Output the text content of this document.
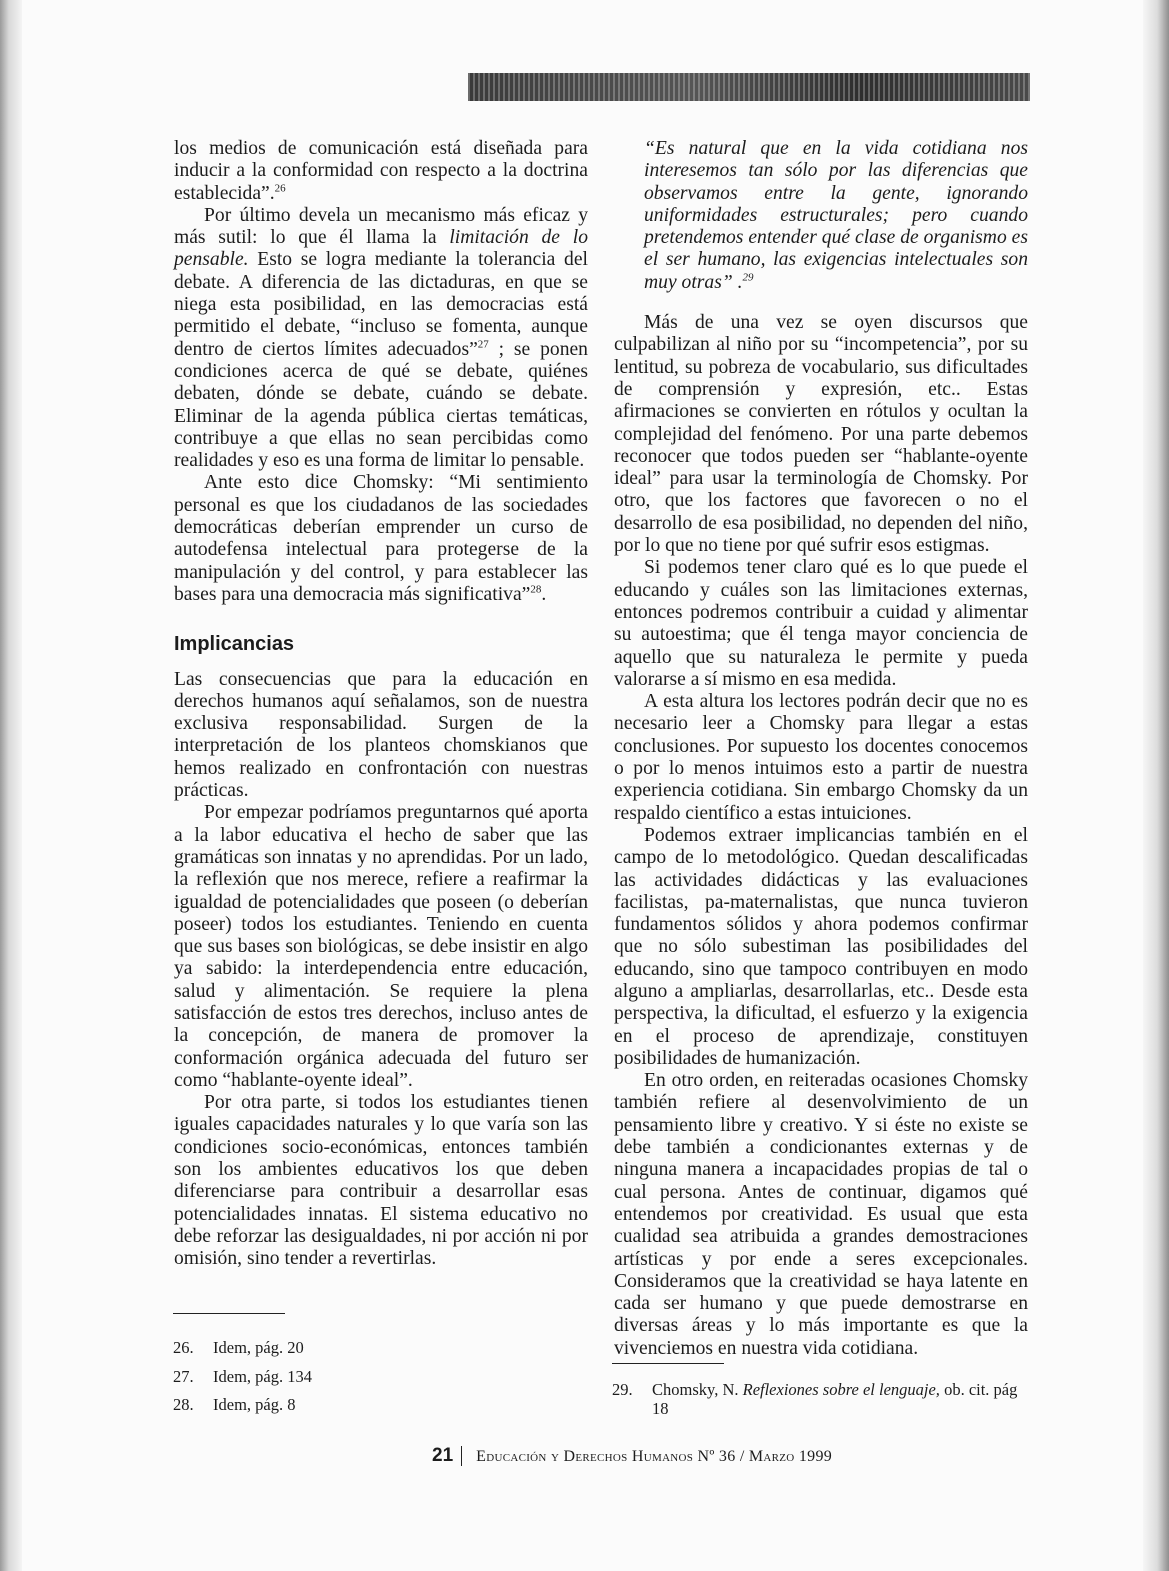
los medios de comunicación está diseñada para inducir a la conformidad con respecto a la doctrina establecida”.$^{26}$

Por último devela un mecanismo más eficaz y más sutil: lo que él llama la limitación de lo pensable. Esto se logra mediante la tolerancia del debate. A diferencia de las dictaduras, en que se niega esta posibilidad, en las democracias está permitido el debate, “incluso se fomenta, aunque dentro de ciertos límites adecuados”$^{27}$ ; se ponen condiciones acerca de qué se debate, quiénes debaten, dónde se debate, cuándo se debate. Eliminar de la agenda pública ciertas temáticas, contribuye a que ellas no sean percibidas como realidades y eso es una forma de limitar lo pensable.

Ante esto dice Chomsky: “Mi sentimiento personal es que los ciudadanos de las sociedades democráticas deberían emprender un curso de autodefensa intelectual para protegerse de la manipulación y del control, y para establecer las bases para una democracia más significativa”$^{28}$.

Implicancias

Las consecuencias que para la educación en derechos humanos aquí señalamos, son de nuestra exclusiva responsabilidad. Surgen de la interpretación de los planteos chomskianos que hemos realizado en confrontación con nuestras prácticas.

Por empezar podríamos preguntarnos qué aporta a la labor educativa el hecho de saber que las gramáticas son innatas y no aprendidas. Por un lado, la reflexión que nos merece, refiere a reafirmar la igualdad de potencialidades que poseen (o deberían poseer) todos los estudiantes. Teniendo en cuenta que sus bases son biológicas, se debe insistir en algo ya sabido: la interdependencia entre educación, salud y alimentación. Se requiere la plena satisfacción de estos tres derechos, incluso antes de la concepción, de manera de promover la conformación orgánica adecuada del futuro ser como “hablante-oyente ideal”.

Por otra parte, si todos los estudiantes tienen iguales capacidades naturales y lo que varía son las condiciones socio-económicas, entonces también son los ambientes educativos los que deben diferenciarse para contribuir a desarrollar esas potencialidades innatas. El sistema educativo no debe reforzar las desigualdades, ni por acción ni por omisión, sino tender a revertirlas.

“Es natural que en la vida cotidiana nos interesemos tan sólo por las diferencias que observamos entre la gente, ignorando uniformidades estructurales; pero cuando pretendemos entender qué clase de organismo es el ser humano, las exigencias intelectuales son muy otras” .$^{29}$

Más de una vez se oyen discursos que culpabilizan al niño por su “incompetencia”, por su lentitud, su pobreza de vocabulario, sus dificultades de comprensión y expresión, etc.. Estas afirmaciones se convierten en rótulos y ocultan la complejidad del fenómeno. Por una parte debemos reconocer que todos pueden ser “hablante-oyente ideal” para usar la terminología de Chomsky. Por otro, que los factores que favorecen o no el desarrollo de esa posibilidad, no dependen del niño, por lo que no tiene por qué sufrir esos estigmas.

Si podemos tener claro qué es lo que puede el educando y cuáles son las limitaciones externas, entonces podremos contribuir a cuidad y alimentar su autoestima; que él tenga mayor conciencia de aquello que su naturaleza le permite y pueda valorarse a sí mismo en esa medida.

A esta altura los lectores podrán decir que no es necesario leer a Chomsky para llegar a estas conclusiones. Por supuesto los docentes conocemos o por lo menos intuimos esto a partir de nuestra experiencia cotidiana. Sin embargo Chomsky da un respaldo científico a estas intuiciones.

Podemos extraer implicancias también en el campo de lo metodológico. Quedan descalificadas las actividades didácticas y las evaluaciones facilistas, pa-maternalistas, que nunca tuvieron fundamentos sólidos y ahora podemos confirmar que no sólo subestiman las posibilidades del educando, sino que tampoco contribuyen en modo alguno a ampliarlas, desarrollarlas, etc.. Desde esta perspectiva, la dificultad, el esfuerzo y la exigencia en el proceso de aprendizaje, constituyen posibilidades de humanización.

En otro orden, en reiteradas ocasiones Chomsky también refiere al desenvolvimiento de un pensamiento libre y creativo. Y si éste no existe se debe también a condicionantes externas y de ninguna manera a incapacidades propias de tal o cual persona. Antes de continuar, digamos qué entendemos por creatividad. Es usual que esta cualidad sea atribuida a grandes demostraciones artísticas y por ende a seres excepcionales. Consideramos que la creatividad se haya latente en cada ser humano y que puede demostrarse en diversas áreas y lo más importante es que la vivenciemos en nuestra vida cotidiana.

26.	Idem, pág. 20
27.	Idem, pág. 134
28.	Idem, pág. 8
29.	Chomsky, N. Reflexiones sobre el lenguaje, ob. cit. pág 18
21 Educación y Derechos Humanos Nº 36 / Marzo 1999
